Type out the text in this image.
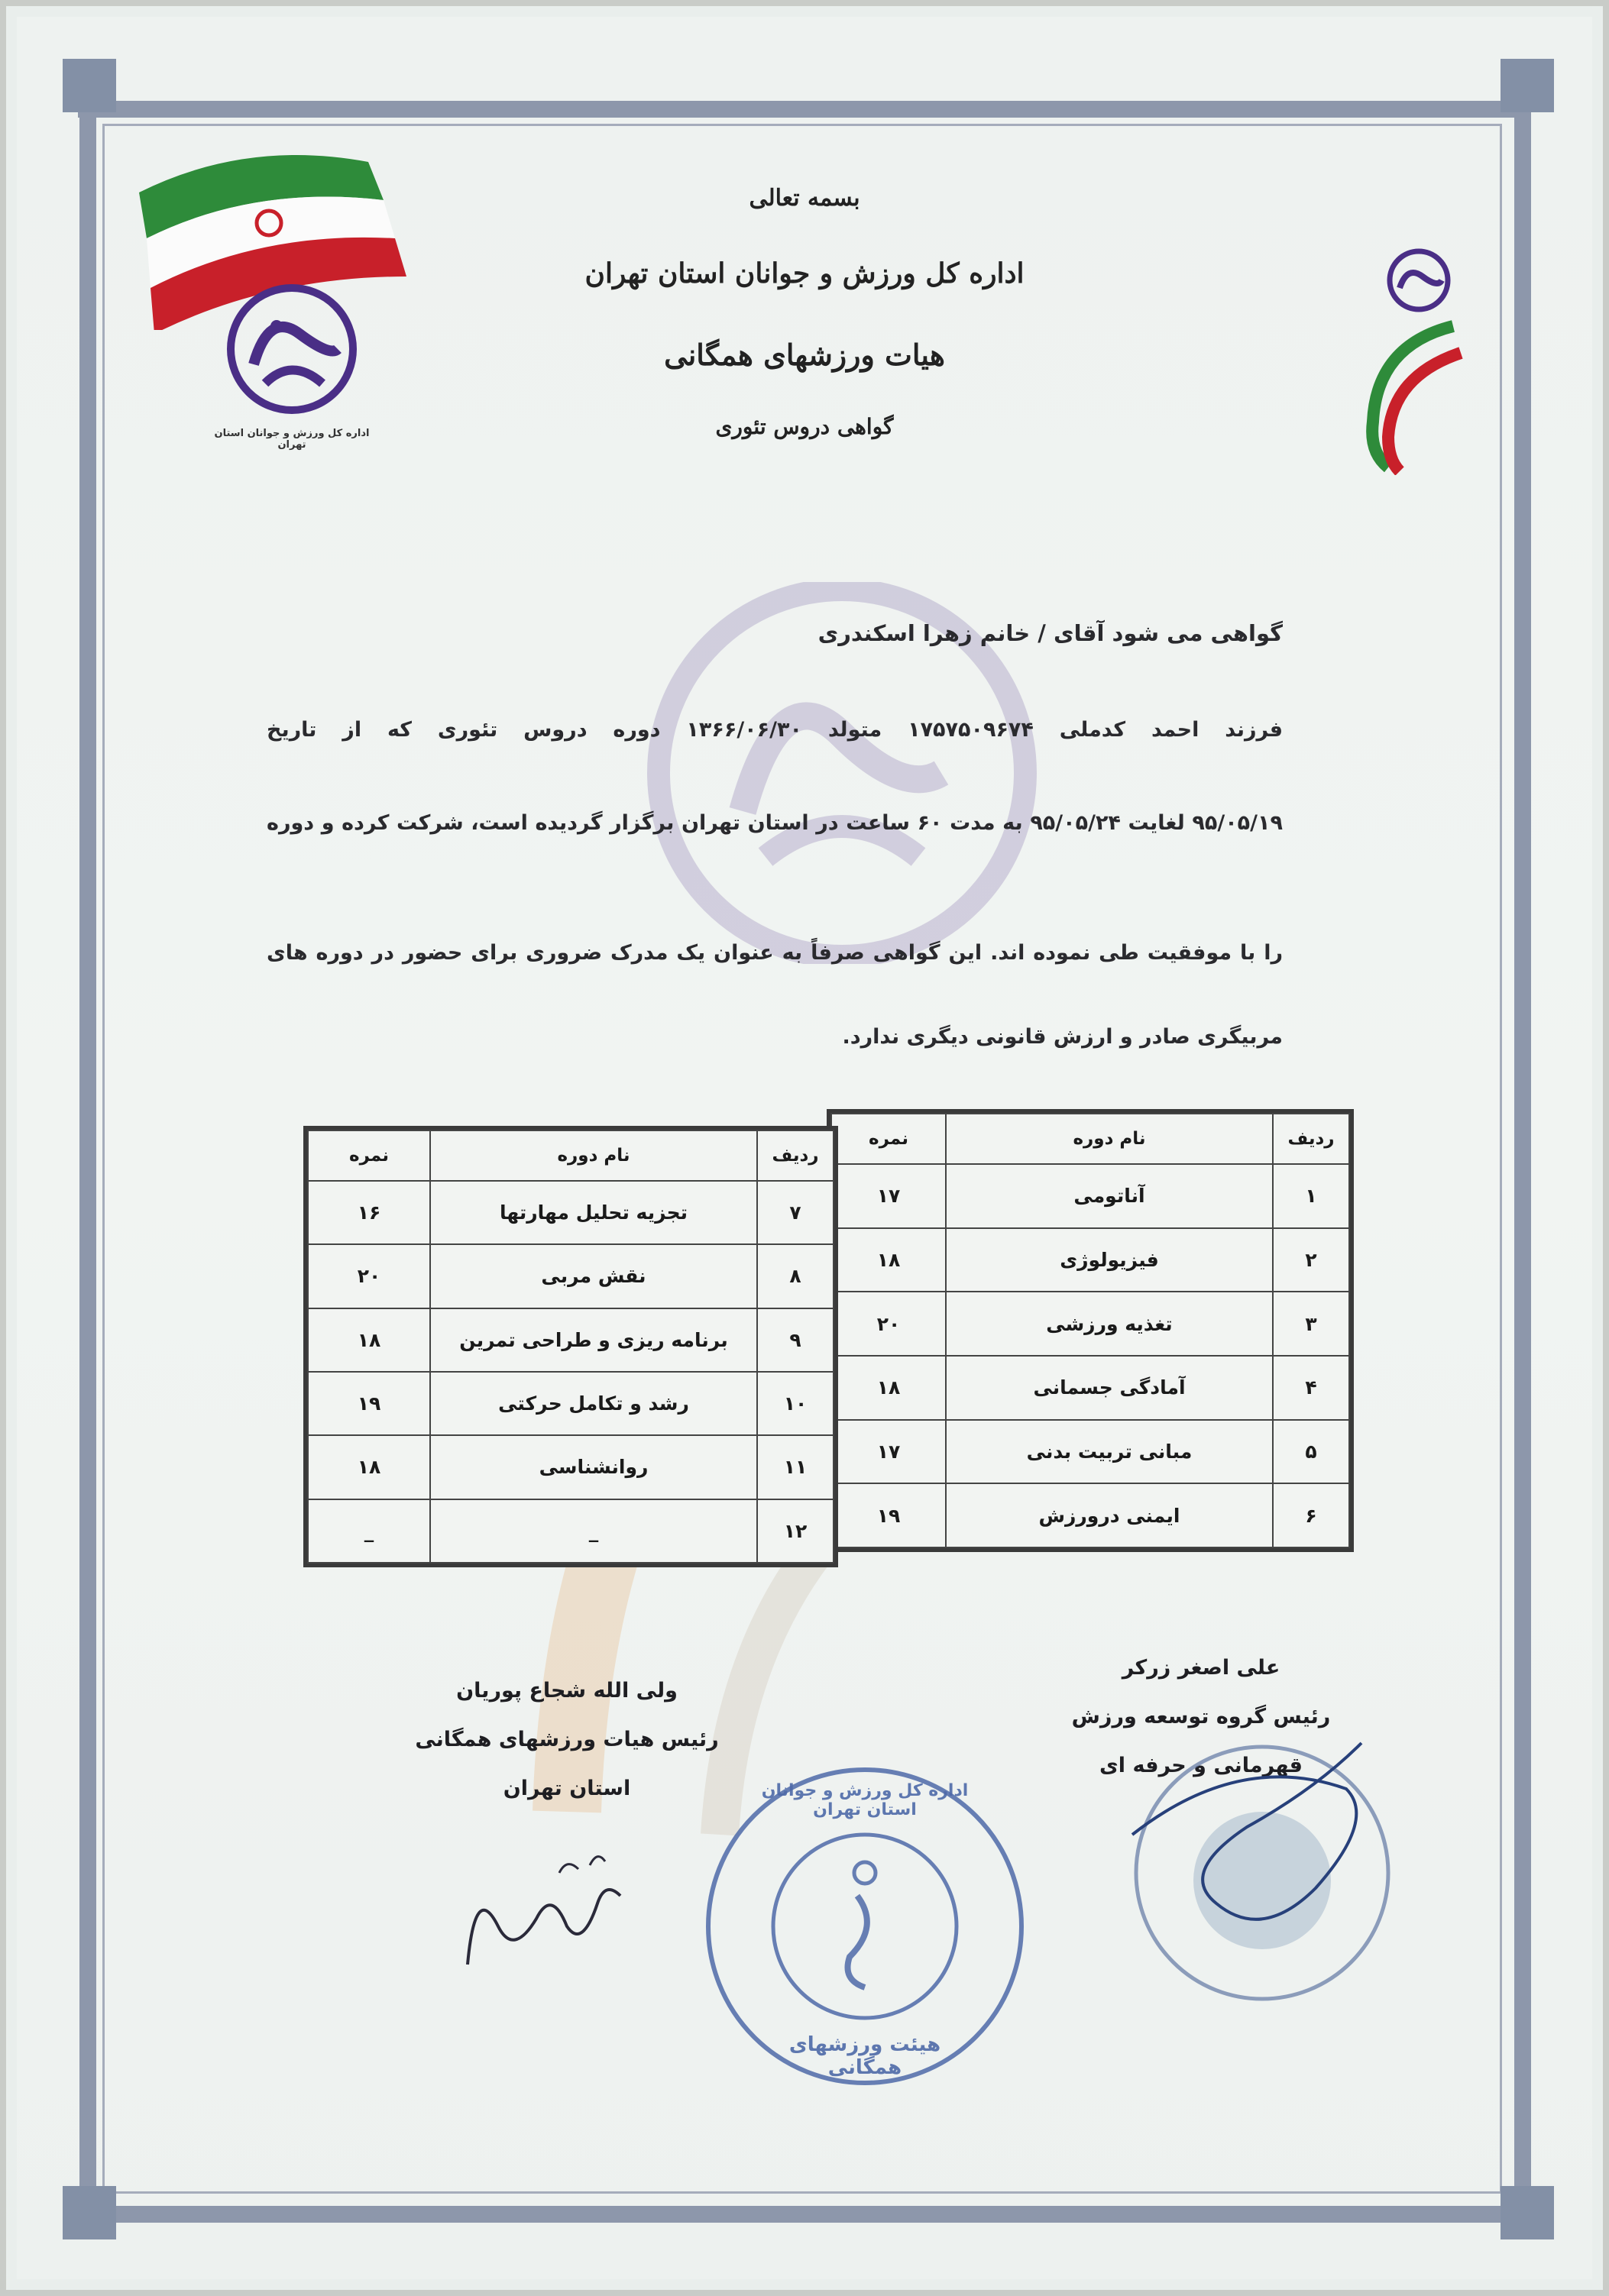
اداره کل ورزش و جوانان استان تهران
بسمه تعالی
اداره کل ورزش و جوانان استان تهران
هیات ورزشهای همگانی
گواهی دروس تئوری
گواهی می شود آقای / خانم زهرا اسکندری
فرزند احمد کدملی ۱۷۵۷۵۰۹۶۷۴ متولد ۱۳۶۶/۰۶/۳۰ دوره دروس تئوری که از تاریخ
۹۵/۰۵/۱۹ لغایت ۹۵/۰۵/۲۴ به مدت ۶۰ ساعت در استان تهران برگزار گردیده است، شرکت کرده و دوره
را با موفقیت طی نموده اند. این گواهی صرفاً به عنوان یک مدرک ضروری برای حضور در دوره های
مربیگری صادر و ارزش قانونی دیگری ندارد.
ردیف	نام دوره	نمره
۱	آناتومی	۱۷
۲	فیزیولوژی	۱۸
۳	تغذیه ورزشی	۲۰
۴	آمادگی جسمانی	۱۸
۵	مبانی تربیت بدنی	۱۷
۶	ایمنی درورزش	۱۹
ردیف	نام دوره	نمره
۷	تجزیه تحلیل مهارتها	۱۶
۸	نقش مربی	۲۰
۹	برنامه ریزی و طراحی تمرین	۱۸
۱۰	رشد و تکامل حرکتی	۱۹
۱۱	روانشناسی	۱۸
۱۲	_	_
علی اصغر زرکر
رئیس گروه توسعه ورزش
قهرمانی و حرفه ای
ولی الله شجاع پوریان
رئیس هیات ورزشهای همگانی
استان تهران	اداره کل ورزش و جوانان استان تهران
هیئت ورزشهای همگانی
